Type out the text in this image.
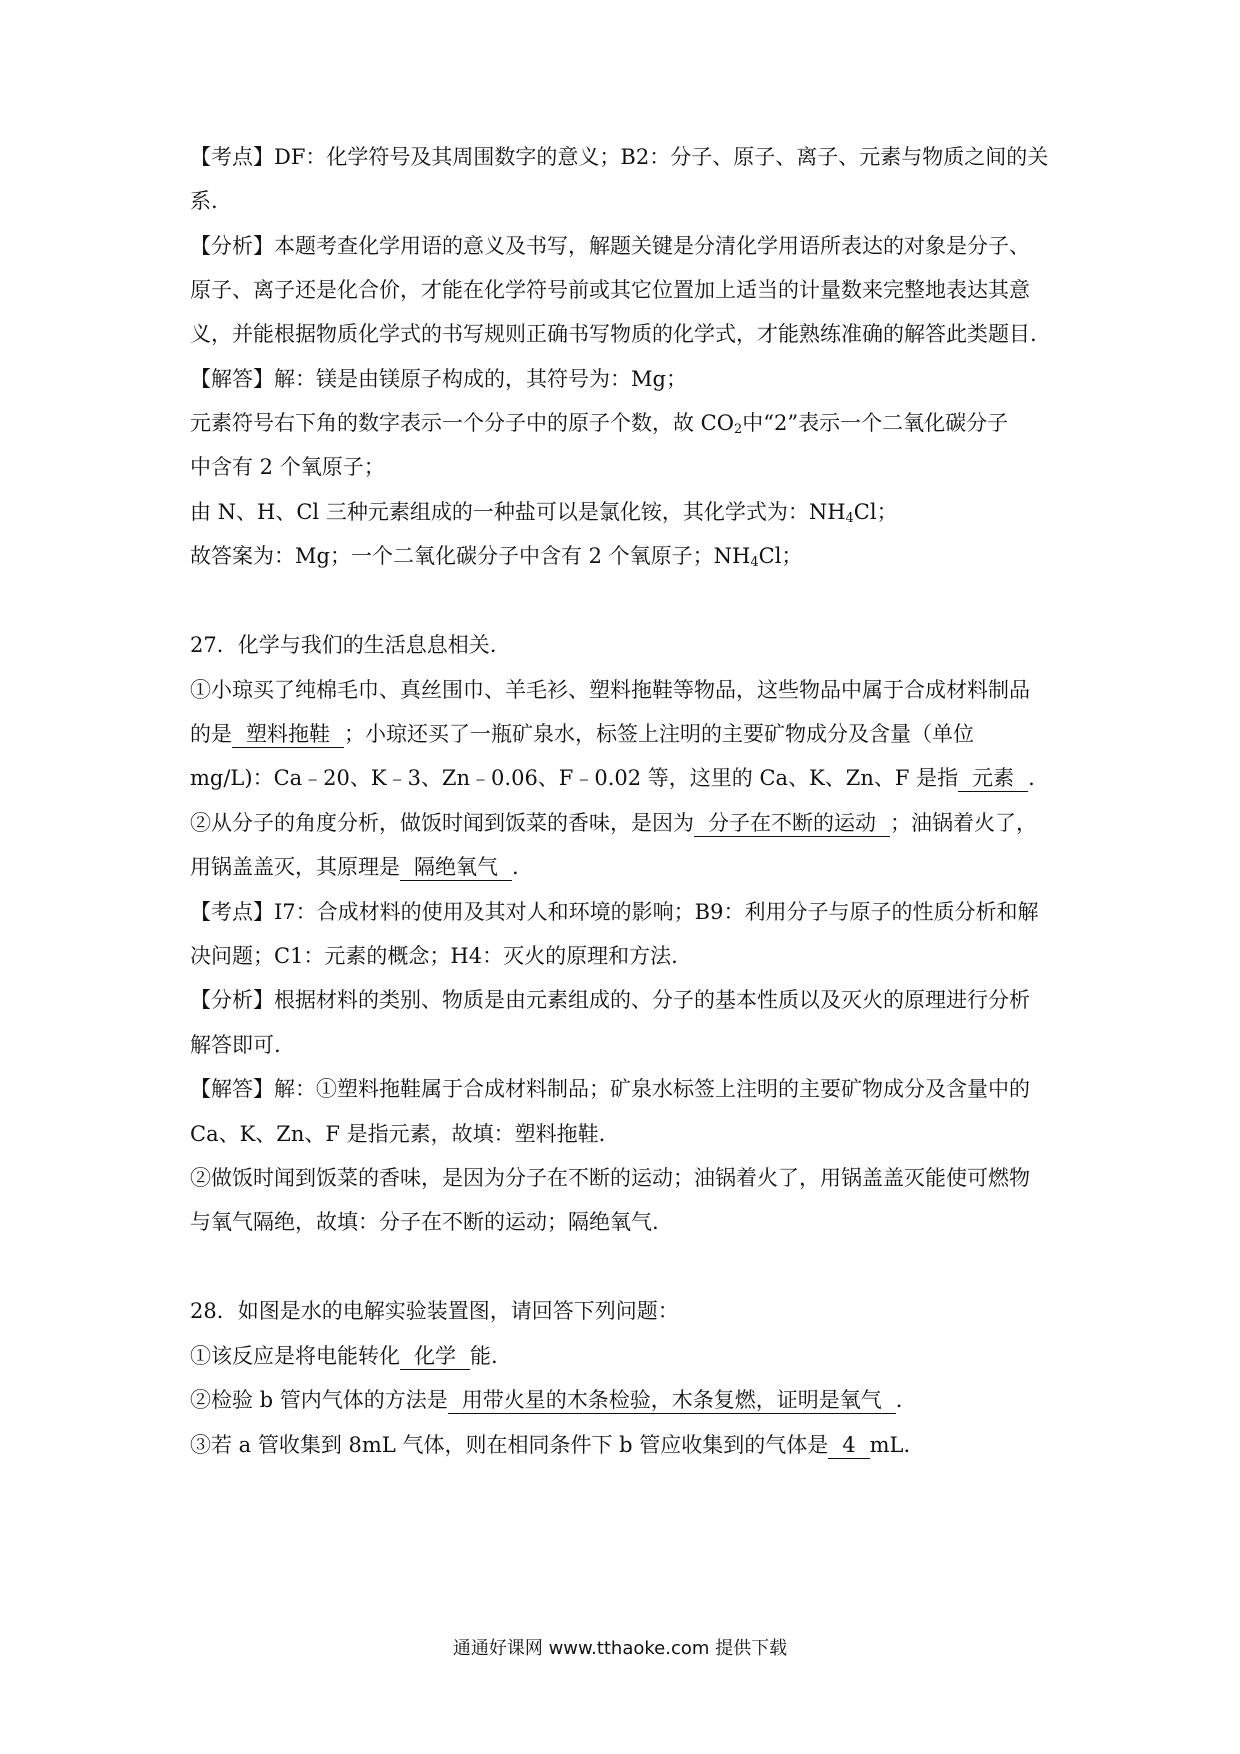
【考点】DF：化学符号及其周围数字的意义；B2：分子、原子、离子、元素与物质之间的关
系.
【分析】本题考查化学用语的意义及书写，解题关键是分清化学用语所表达的对象是分子、
原子、离子还是化合价，才能在化学符号前或其它位置加上适当的计量数来完整地表达其意
义，并能根据物质化学式的书写规则正确书写物质的化学式，才能熟练准确的解答此类题目.
【解答】解：镁是由镁原子构成的，其符号为：Mg；
元素符号右下角的数字表示一个分子中的原子个数，故 $CO_2$中“2”表示一个二氧化碳分子
中含有 2 个氧原子；
由 N、H、Cl 三种元素组成的一种盐可以是氯化铵，其化学式为：$NH_4Cl$；
故答案为：Mg；一个二氧化碳分子中含有 2 个氧原子；$NH_4Cl$；
27．化学与我们的生活息息相关.
①小琼买了纯棉毛巾、真丝围巾、羊毛衫、塑料拖鞋等物品，这些物品中属于合成材料制品
的是 塑料拖鞋 ；小琼还买了一瓶矿泉水，标签上注明的主要矿物成分及含量（单位
mg/L)：Ca﹣20、K﹣3、Zn﹣0.06、F﹣0.02 等，这里的 Ca、K、Zn、F 是指 元素 .
②从分子的角度分析，做饭时闻到饭菜的香味，是因为 分子在不断的运动 ；油锅着火了，
用锅盖盖灭，其原理是 隔绝氧气 .
【考点】I7：合成材料的使用及其对人和环境的影响；B9：利用分子与原子的性质分析和解
决问题；C1：元素的概念；H4：灭火的原理和方法.
【分析】根据材料的类别、物质是由元素组成的、分子的基本性质以及灭火的原理进行分析
解答即可.
【解答】解：①塑料拖鞋属于合成材料制品；矿泉水标签上注明的主要矿物成分及含量中的
Ca、K、Zn、F 是指元素，故填：塑料拖鞋.
②做饭时闻到饭菜的香味，是因为分子在不断的运动；油锅着火了，用锅盖盖灭能使可燃物
与氧气隔绝，故填：分子在不断的运动；隔绝氧气.
28．如图是水的电解实验装置图，请回答下列问题：
①该反应是将电能转化 化学 能.
②检验 b 管内气体的方法是 用带火星的木条检验，木条复燃，证明是氧气 .
③若 a 管收集到 8mL 气体，则在相同条件下 b 管应收集到的气体是 4 mL.
通通好课网 www.tthaoke.com 提供下载
